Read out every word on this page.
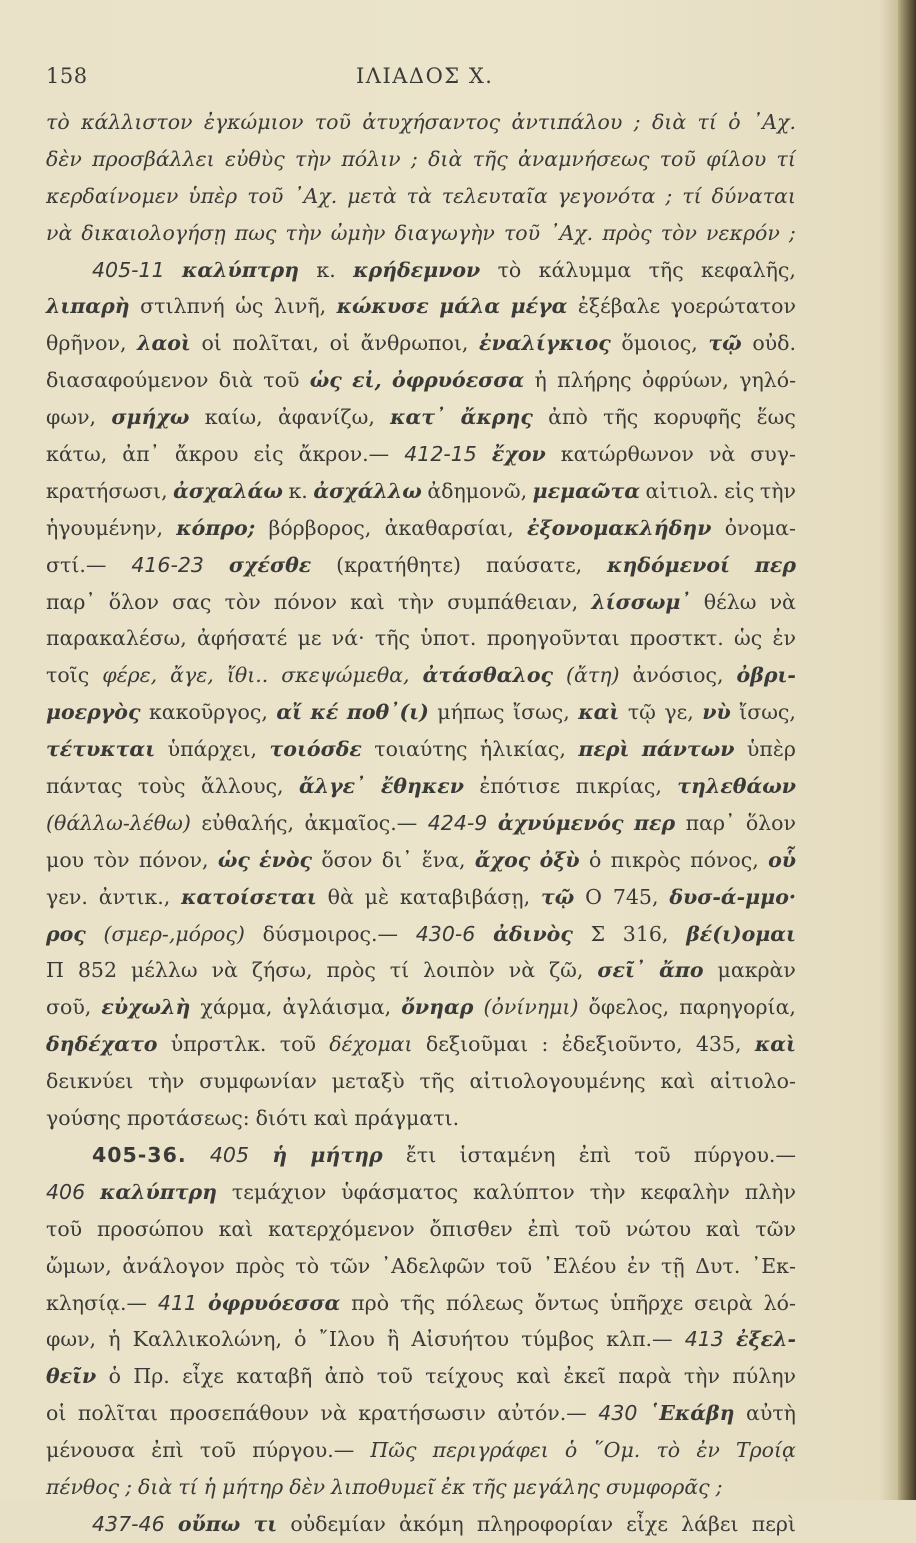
158	ΙΛΙΑΔΟΣ Χ.
τὸ κάλλιστον ἐγκώμιον τοῦ ἀτυχήσαντος ἀντιπάλου ; διὰ τί ὁ ᾿Αχ.
δὲν προσβάλλει εὐθὺς τὴν πόλιν ; διὰ τῆς ἀναμνήσεως τοῦ φίλου τί
κερδαίνομεν ὑπὲρ τοῦ ᾿Αχ. μετὰ τὰ τελευταῖα γεγονότα ; τί δύναται
νὰ δικαιολογήσῃ πως τὴν ὠμὴν διαγωγὴν τοῦ ᾿Αχ. πρὸς τὸν νεκρόν ;
405-11 καλύπτρη κ. κρήδεμνον τὸ κάλυμμα τῆς κεφαλῆς,
λιπαρὴ στιλπνή ὡς λινῆ, κώκυσε μάλα μέγα ἐξέβαλε γοερώτατον
θρῆνον, λαοὶ οἱ πολῖται, οἱ ἄνθρωποι, ἐναλίγκιος ὅμοιος, τῷ οὐδ.
διασαφούμενον διὰ τοῦ ὡς εἰ, ὀφρυόεσσα ἡ πλήρης ὀφρύων, γηλό-
φων, σμήχω καίω, ἀφανίζω, κατ᾿ ἄκρης ἀπὸ τῆς κορυφῆς ἕως
κάτω, ἀπ᾿ ἄκρου εἰς ἄκρον.— 412-15 ἔχον κατώρθωνον νὰ συγ-
κρατήσωσι, ἀσχαλάω κ. ἀσχάλλω ἀδημονῶ, μεμαῶτα αἰτιολ. εἰς τὴν
ἡγουμένην, κόπρο; βόρβορος, ἀκαθαρσίαι, ἐξονομακλήδην ὀνομα-
στί.— 416-23 σχέσθε (κρατήθητε) παύσατε, κηδόμενοί περ
παρ᾿ ὅλον σας τὸν πόνον καὶ τὴν συμπάθειαν, λίσσωμ᾿ θέλω νὰ
παρακαλέσω, ἀφήσατέ με νά· τῆς ὑποτ. προηγοῦνται προστκτ. ὡς ἐν
τοῖς φέρε, ἄγε, ἴθι.. σκεψώμεθα, ἀτάσθαλος (ἄτη) ἀνόσιος, ὀβρι-
μοεργὸς κακοῦργος, αἴ κέ ποθ᾿(ι) μήπως ἴσως, καὶ τῷ γε, νὺ ἴσως,
τέτυκται ὑπάρχει, τοιόσδε τοιαύτης ἡλικίας, περὶ πάντων ὑπὲρ
πάντας τοὺς ἄλλους, ἄλγε᾿ ἔθηκεν ἐπότισε πικρίας, τηλεθάων
(θάλλω-λέθω) εὐθαλής, ἀκμαῖος.— 424-9 ἀχνύμενός περ παρ᾿ ὅλον
μου τὸν πόνον, ὡς ἑνὸς ὅσον δι᾿ ἕνα, ἄχος ὀξὺ ὁ πικρὸς πόνος, οὗ
γεν. ἀντικ., κατοίσεται θὰ μὲ καταβιβάσῃ, τῷ Ο 745, δυσ-ά-μμο·
ρος (σμερ-,μόρος) δύσμοιρος.— 430-6 ἀδινὸς Σ 316, βέ(ι)ομαι
Π 852 μέλλω νὰ ζήσω, πρὸς τί λοιπὸν νὰ ζῶ, σεῖ᾿ ἄπο μακρὰν
σοῦ, εὐχωλὴ χάρμα, ἀγλάισμα, ὄνηαρ (ὀνίνημι) ὄφελος, παρηγορία,
δηδέχατο ὑπρστλκ. τοῦ δέχομαι δεξιοῦμαι : ἐδεξιοῦντο, 435, καὶ
δεικνύει τὴν συμφωνίαν μεταξὺ τῆς αἰτιολογουμένης καὶ αἰτιολο-
γούσης προτάσεως: διότι καὶ πράγματι.
405-36. 405 ἡ μήτηρ ἔτι ἱσταμένη ἐπὶ τοῦ πύργου.—
406 καλύπτρη τεμάχιον ὑφάσματος καλύπτον τὴν κεφαλὴν πλὴν
τοῦ προσώπου καὶ κατερχόμενον ὄπισθεν ἐπὶ τοῦ νώτου καὶ τῶν
ὤμων, ἀνάλογον πρὸς τὸ τῶν ᾿Αδελφῶν τοῦ ᾿Ελέου ἐν τῇ Δυτ. ᾿Εκ-
κλησίᾳ.— 411 ὀφρυόεσσα πρὸ τῆς πόλεως ὄντως ὑπῆρχε σειρὰ λό-
φων, ἡ Καλλικολώνη, ὁ ῎Ιλου ἢ Αἰσυήτου τύμβος κλπ.— 413 ἐξελ-
θεῖν ὁ Πρ. εἶχε καταβῆ ἀπὸ τοῦ τείχους καὶ ἐκεῖ παρὰ τὴν πύλην
οἱ πολῖται προσεπάθουν νὰ κρατήσωσιν αὐτόν.— 430 ῾Εκάβη αὐτὴ
μένουσα ἐπὶ τοῦ πύργου.— Πῶς περιγράφει ὁ ῞Ομ. τὸ ἐν Τροίᾳ
πένθος ; διὰ τί ἡ μήτηρ δὲν λιποθυμεῖ ἐκ τῆς μεγάλης συμφορᾶς ;
437-46 οὔπω τι οὐδεμίαν ἀκόμη πληροφορίαν εἶχε λάβει περὶ
